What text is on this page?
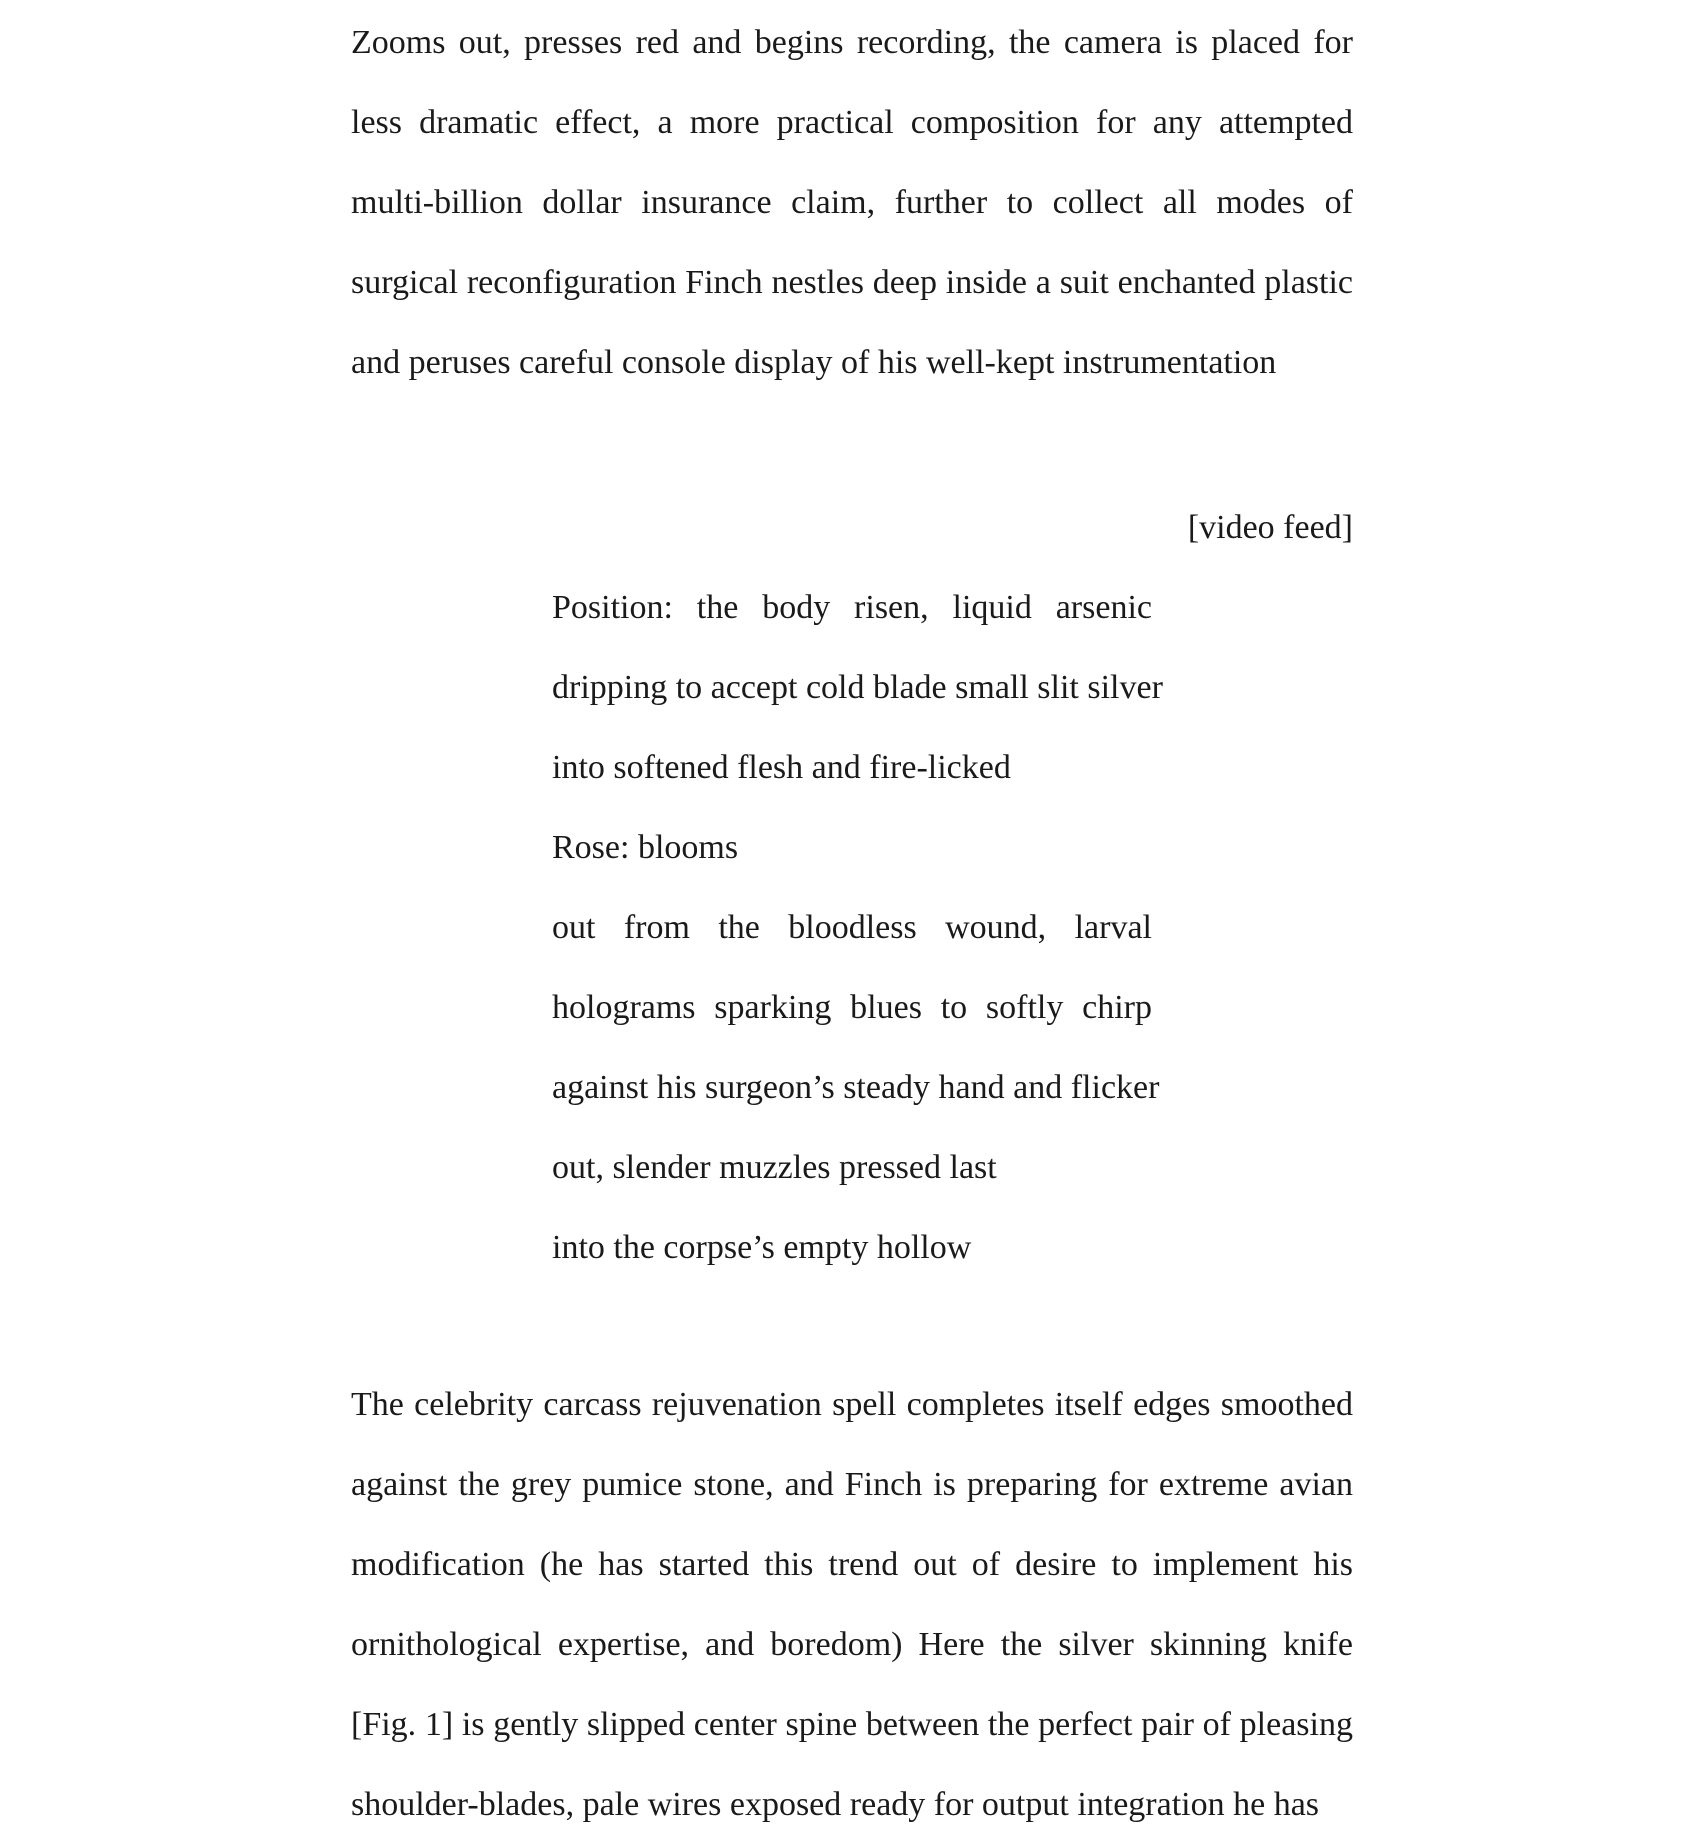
Zooms out, presses red and begins recording, the camera is placed for less dramatic effect, a more practical composition for any attempted multi-billion dollar insurance claim, further to collect all modes of surgical reconfiguration Finch nestles deep inside a suit enchanted plastic and peruses careful console display of his well-kept instrumentation

[video feed]

Position: the body risen, liquid arsenic
dripping to accept cold blade small slit silver
into softened flesh and fire-licked
Rose: blooms
out from the bloodless wound, larval
holograms sparking blues to softly chirp
against his surgeon’s steady hand and flicker
out, slender muzzles pressed last
into the corpse’s empty hollow

The celebrity carcass rejuvenation spell completes itself edges smoothed against the grey pumice stone, and Finch is preparing for extreme avian modification (he has started this trend out of desire to implement his ornithological expertise, and boredom) Here the silver skinning knife [Fig. 1] is gently slipped center spine between the perfect pair of pleasing shoulder-blades, pale wires exposed ready for output integration he has
